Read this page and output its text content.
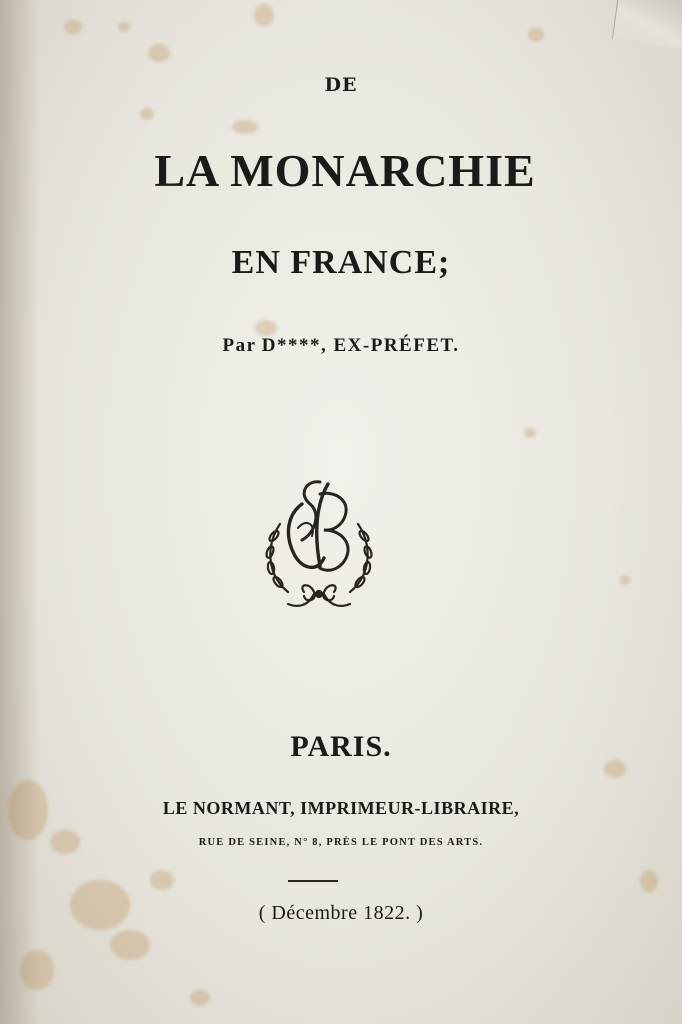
DE
LA MONARCHIE
EN FRANCE;
Par D****, EX-PRÉFET.
PARIS.
LE NORMANT, IMPRIMEUR-LIBRAIRE,
RUE DE SEINE, N° 8, PRÈS LE PONT DES ARTS.
( Décembre 1822. )
